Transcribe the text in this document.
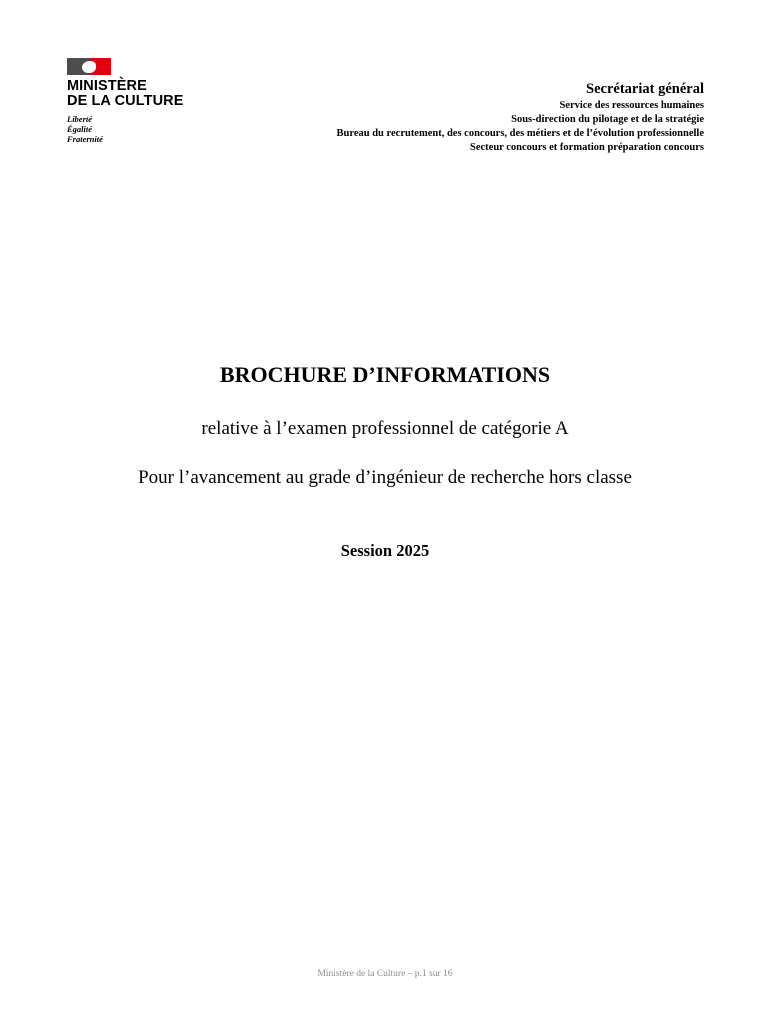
MINISTÈRE
DE LA CULTURE
Liberté
Égalité
Fraternité
Secrétariat général
Service des ressources humaines
Sous-direction du pilotage et de la stratégie
Bureau du recrutement, des concours, des métiers et de l’évolution professionnelle
Secteur concours et formation préparation concours
BROCHURE D’INFORMATIONS
relative à l’examen professionnel de catégorie A
Pour l’avancement au grade d’ingénieur de recherche hors classe
Session 2025
Ministère de la Culture – p.1 sur 16
